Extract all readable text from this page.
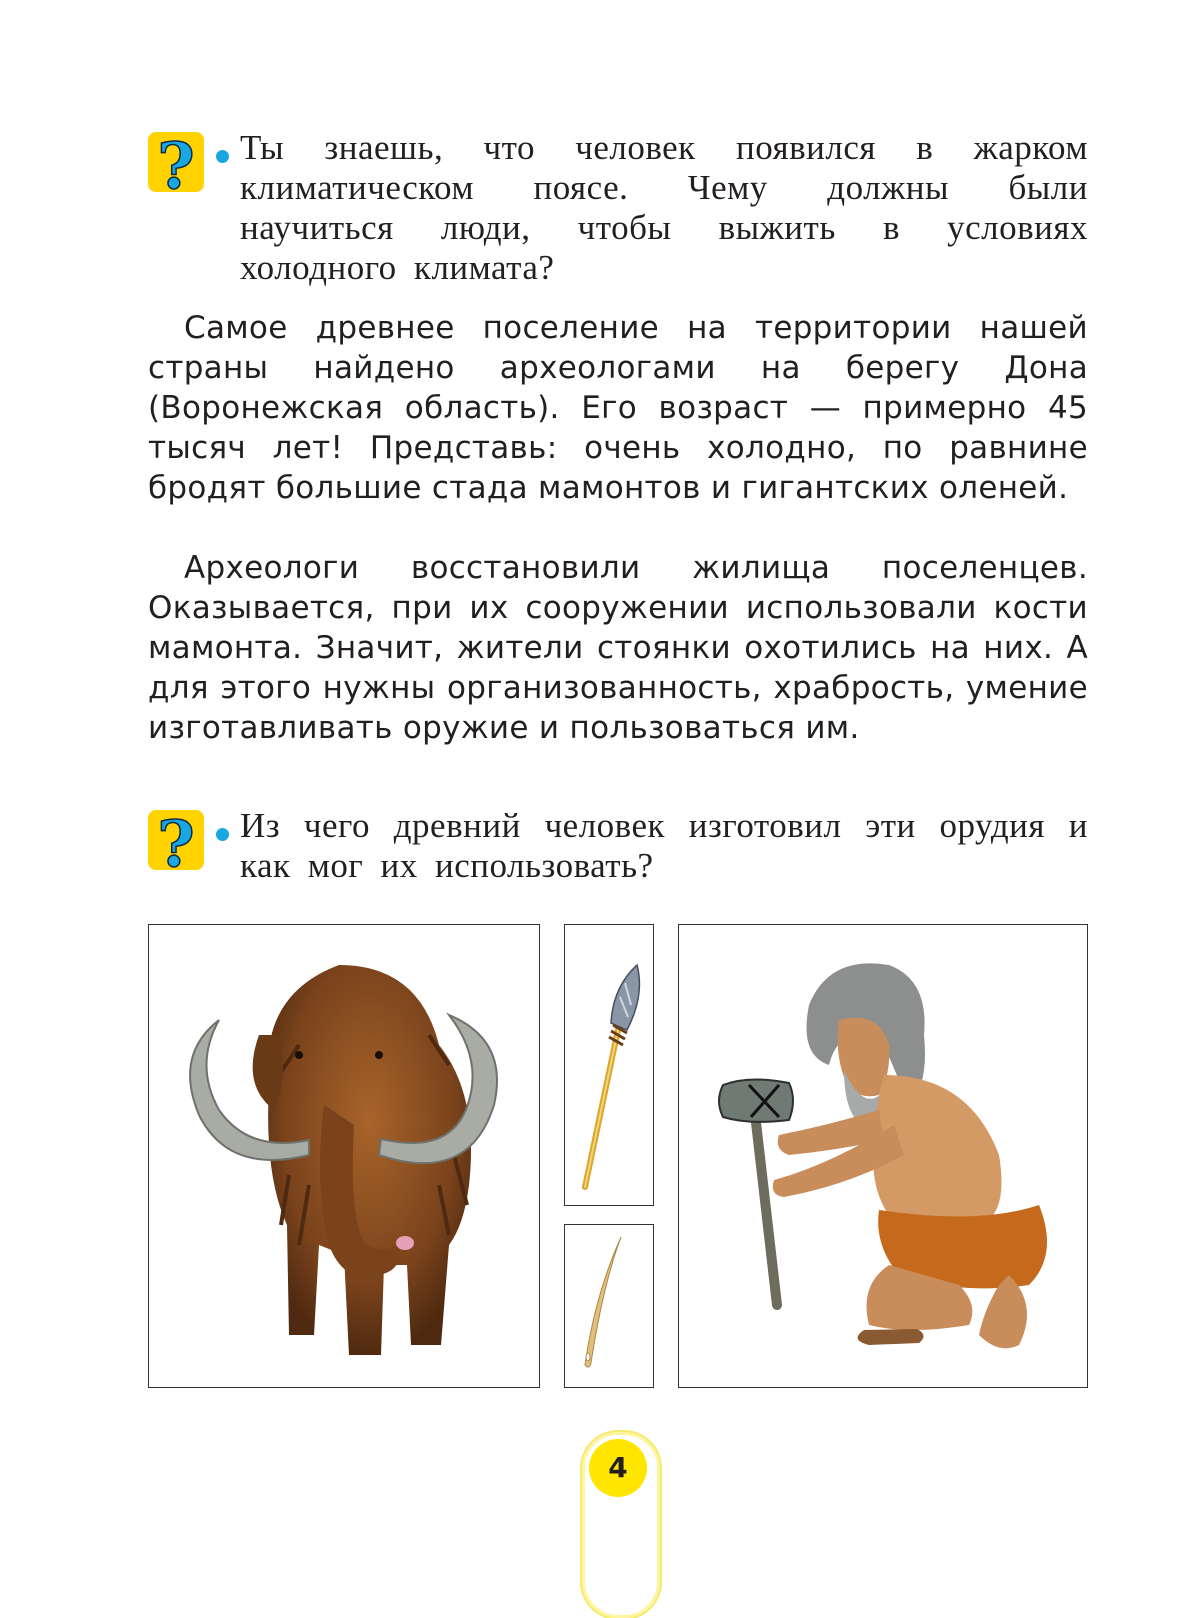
? Ты знаешь, что человек появился в жарком климатическом поясе. Чему должны были научиться люди, чтобы выжить в условиях холодного климата?
Самое древнее поселение на территории нашей страны найдено археологами на берегу Дона (Воронежская область). Его возраст — примерно 45 тысяч лет! Представь: очень холодно, по равнине бродят большие стада мамонтов и гигантских оленей.
Археологи восстановили жилища поселенцев. Оказывается, при их сооружении использовали кости мамонта. Значит, жители стоянки охотились на них. А для этого нужны организованность, храбрость, умение изготавливать оружие и пользоваться им.
? Из чего древний человек изготовил эти орудия и как мог их использовать?
4
